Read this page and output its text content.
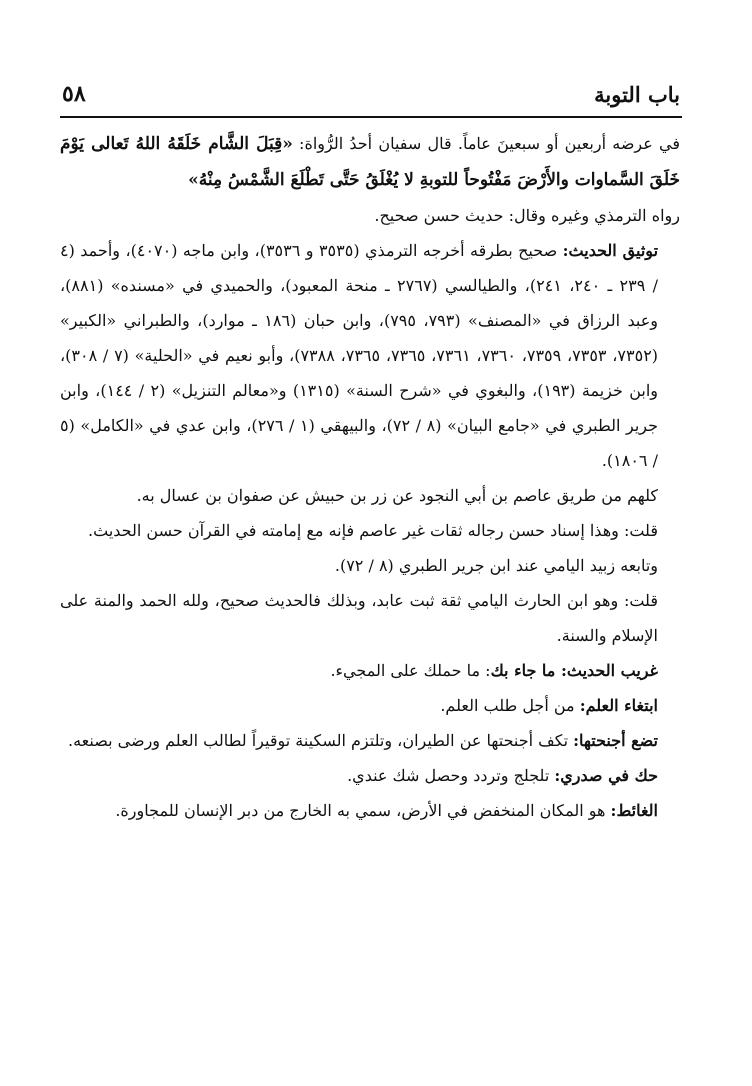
باب التوبة
٥٨

في عرضه أربعين أو سبعينَ عاماً. قال سفيان أحدُ الرُّواة: «قِبَلَ الشَّام خَلَقَهُ اللهُ تَعالى يَوْمَ خَلَقَ السَّماوات والأَرْضَ مَفْتُوحاً للتوبةِ لا يُغْلَقُ حَتَّى تَطْلَعَ الشَّمْسُ مِنْهُ»

رواه الترمذي وغيره وقال: حديث حسن صحيح.

توثيق الحديث: صحيح بطرقه أخرجه الترمذي (٣٥٣٥ و ٣٥٣٦)، وابن ماجه (٤٠٧٠)، وأحمد (٤ / ٢٣٩ ـ ٢٤٠، ٢٤١)، والطيالسي (٢٧٦٧ ـ منحة المعبود)، والحميدي في «مسنده» (٨٨١)، وعبد الرزاق في «المصنف» (٧٩٣، ٧٩٥)، وابن حبان (١٨٦ ـ موارد)، والطبراني «الكبير» (٧٣٥٢، ٧٣٥٣، ٧٣٥٩، ٧٣٦٠، ٧٣٦١، ٧٣٦٥، ٧٣٦٥، ٧٣٨٨)، وأبو نعيم في «الحلية» (٧ / ٣٠٨)، وابن خزيمة (١٩٣)، والبغوي في «شرح السنة» (١٣١٥) و«معالم التنزيل» (٢ / ١٤٤)، وابن جرير الطبري في «جامع البيان» (٨ / ٧٢)، والبيهقي (١ / ٢٧٦)، وابن عدي في «الكامل» (٥ / ١٨٠٦).

كلهم من طريق عاصم بن أبي النجود عن زر بن حبيش عن صفوان بن عسال به.

قلت: وهذا إسناد حسن رجاله ثقات غير عاصم فإنه مع إمامته في القرآن حسن الحديث.

وتابعه زبيد اليامي عند ابن جرير الطبري (٨ / ٧٢).

قلت: وهو ابن الحارث اليامي ثقة ثبت عابد، وبذلك فالحديث صحيح، ولله الحمد والمنة على الإسلام والسنة.

غريب الحديث: ما جاء بك: ما حملك على المجيء.

ابتغاء العلم: من أجل طلب العلم.

تضع أجنحتها: تكف أجنحتها عن الطيران، وتلتزم السكينة توقيراً لطالب العلم ورضى بصنعه.

حك في صدري: تلجلج وتردد وحصل شك عندي.

الغائط: هو المكان المنخفض في الأرض، سمي به الخارج من دبر الإنسان للمجاورة.
